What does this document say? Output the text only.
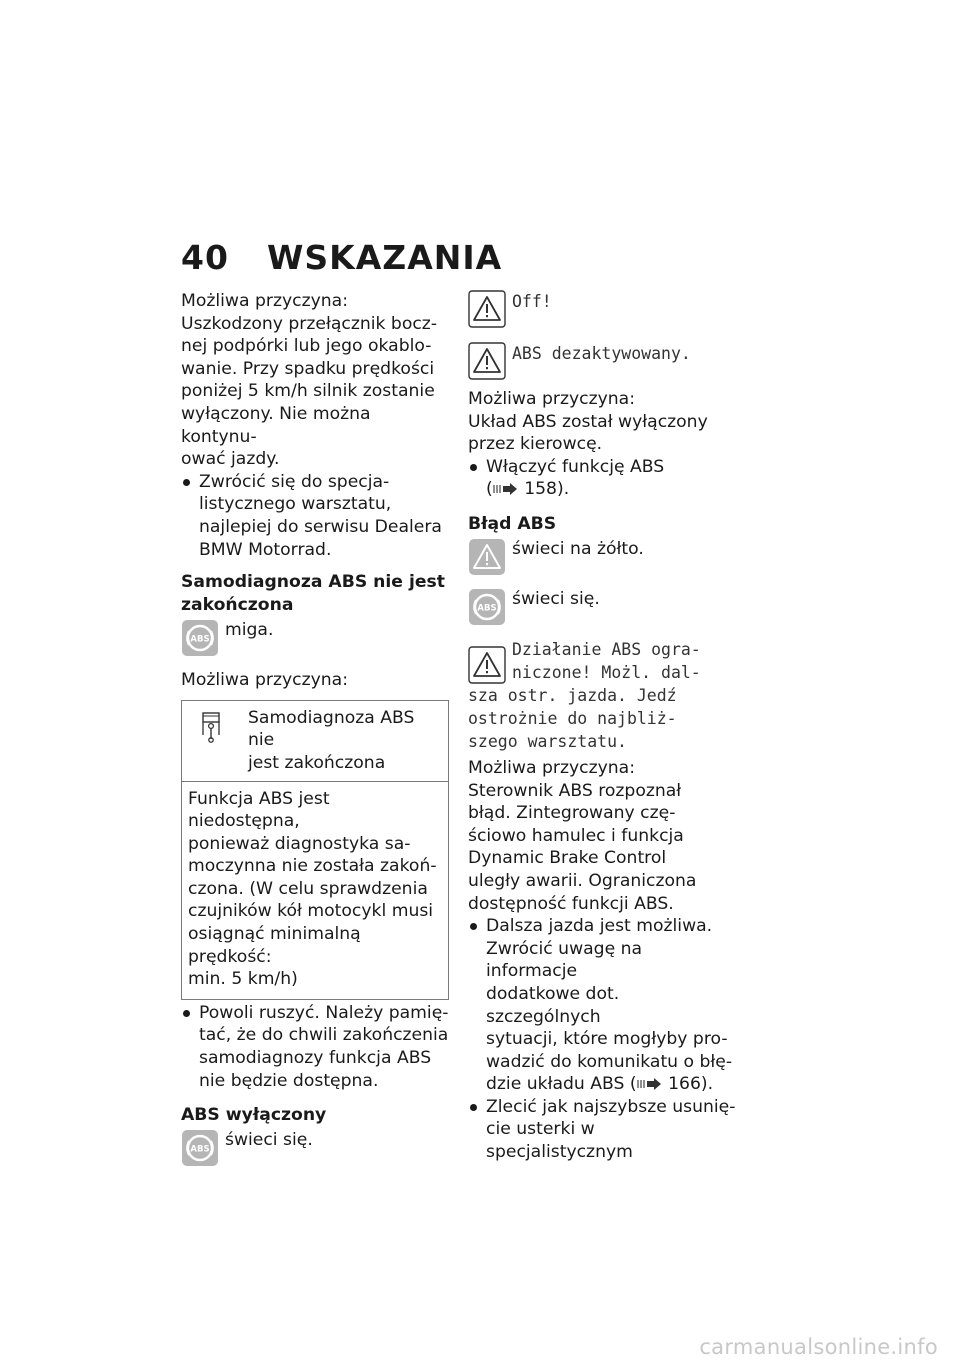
40 WSKAZANIA

Możliwa przyczyna:

Uszkodzony przełącznik bocz-
nej podpórki lub jego okablo-
wanie. Przy spadku prędkości
poniżej 5 km/h silnik zostanie
wyłączony. Nie można kontynu-
ować jazdy.
Zwrócić się do specja-
listycznego warsztatu,
najlepiej do serwisu Dealera
BMW Motorrad.
Samodiagnoza ABS nie jest
zakończona
miga.

Możliwa przyczyna:

Samodiagnoza ABS nie
jest zakończona
Funkcja ABS jest niedostępna,
ponieważ diagnostyka sa-
moczynna nie została zakoń-
czona. (W celu sprawdzenia
czujników kół motocykl musi
osiągnąć minimalną prędkość:
min. 5 km/h)
Powoli ruszyć. Należy pamię-
tać, że do chwili zakończenia
samodiagnozy funkcja ABS
nie będzie dostępna.
ABS wyłączony
świeci się.
Off!
ABS dezaktywowany.

Możliwa przyczyna:

Układ ABS został wyłączony
przez kierowcę.
Włączyć funkcję ABS
( 158).
Błąd ABS
świeci na żółto.
świeci się.
Działanie ABS ogra-
niczone! Możl. dal-
sza ostr. jazda. Jedź
ostrożnie do najbliż-
szego warsztatu.

Możliwa przyczyna:

Sterownik ABS rozpoznał
błąd. Zintegrowany czę-
ściowo hamulec i funkcja
Dynamic Brake Control
uległy awarii. Ograniczona
dostępność funkcji ABS.
Dalsza jazda jest możliwa.
Zwrócić uwagę na informacje
dodatkowe dot. szczególnych
sytuacji, które mogłyby pro-
wadzić do komunikatu o błę-
dzie układu ABS ( 166).
Zlecić jak najszybsze usunię-
cie usterki w specjalistycznym
carmanualsonline.info
